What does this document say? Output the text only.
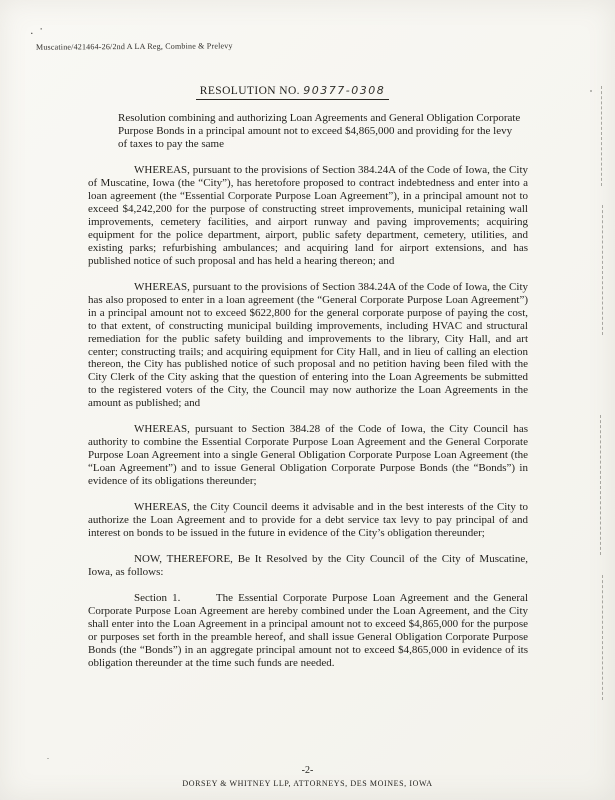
. ·
Muscatine/421464-26/2nd A LA Reg, Combine & Prelevy
RESOLUTION NO. 90377-0308

Resolution combining and authorizing Loan Agreements and General Obligation Corporate Purpose Bonds in a principal amount not to exceed $4,865,000 and providing for the levy of taxes to pay the same

WHEREAS, pursuant to the provisions of Section 384.24A of the Code of Iowa, the City of Muscatine, Iowa (the “City”), has heretofore proposed to contract indebtedness and enter into a loan agreement (the “Essential Corporate Purpose Loan Agreement”), in a principal amount not to exceed $4,242,200 for the purpose of constructing street improvements, municipal retaining wall improvements, cemetery facilities, and airport runway and paving improvements; acquiring equipment for the police department, airport, public safety department, cemetery, utilities, and existing parks; refurbishing ambulances; and acquiring land for airport extensions, and has published notice of such proposal and has held a hearing thereon; and

WHEREAS, pursuant to the provisions of Section 384.24A of the Code of Iowa, the City has also proposed to enter in a loan agreement (the “General Corporate Purpose Loan Agreement”) in a principal amount not to exceed $622,800 for the general corporate purpose of paying the cost, to that extent, of constructing municipal building improvements, including HVAC and structural remediation for the public safety building and improvements to the library, City Hall, and art center; constructing trails; and acquiring equipment for City Hall, and in lieu of calling an election thereon, the City has published notice of such proposal and no petition having been filed with the City Clerk of the City asking that the question of entering into the Loan Agreements be submitted to the registered voters of the City, the Council may now authorize the Loan Agreements in the amount as published; and

WHEREAS, pursuant to Section 384.28 of the Code of Iowa, the City Council has authority to combine the Essential Corporate Purpose Loan Agreement and the General Corporate Purpose Loan Agreement into a single General Obligation Corporate Purpose Loan Agreement (the “Loan Agreement”) and to issue General Obligation Corporate Purpose Bonds (the “Bonds”) in evidence of its obligations thereunder;

WHEREAS, the City Council deems it advisable and in the best interests of the City to authorize the Loan Agreement and to provide for a debt service tax levy to pay principal of and interest on bonds to be issued in the future in evidence of the City’s obligation thereunder;

NOW, THEREFORE, Be It Resolved by the City Council of the City of Muscatine, Iowa, as follows:

Section 1.       The Essential Corporate Purpose Loan Agreement and the General Corporate Purpose Loan Agreement are hereby combined under the Loan Agreement, and the City shall enter into the Loan Agreement in a principal amount not to exceed $4,865,000 for the purpose or purposes set forth in the preamble hereof, and shall issue General Obligation Corporate Purpose Bonds (the “Bonds”) in an aggregate principal amount not to exceed $4,865,000 in evidence of its obligation thereunder at the time such funds are needed.

-2-
DORSEY & WHITNEY LLP, ATTORNEYS, DES MOINES, IOWA
